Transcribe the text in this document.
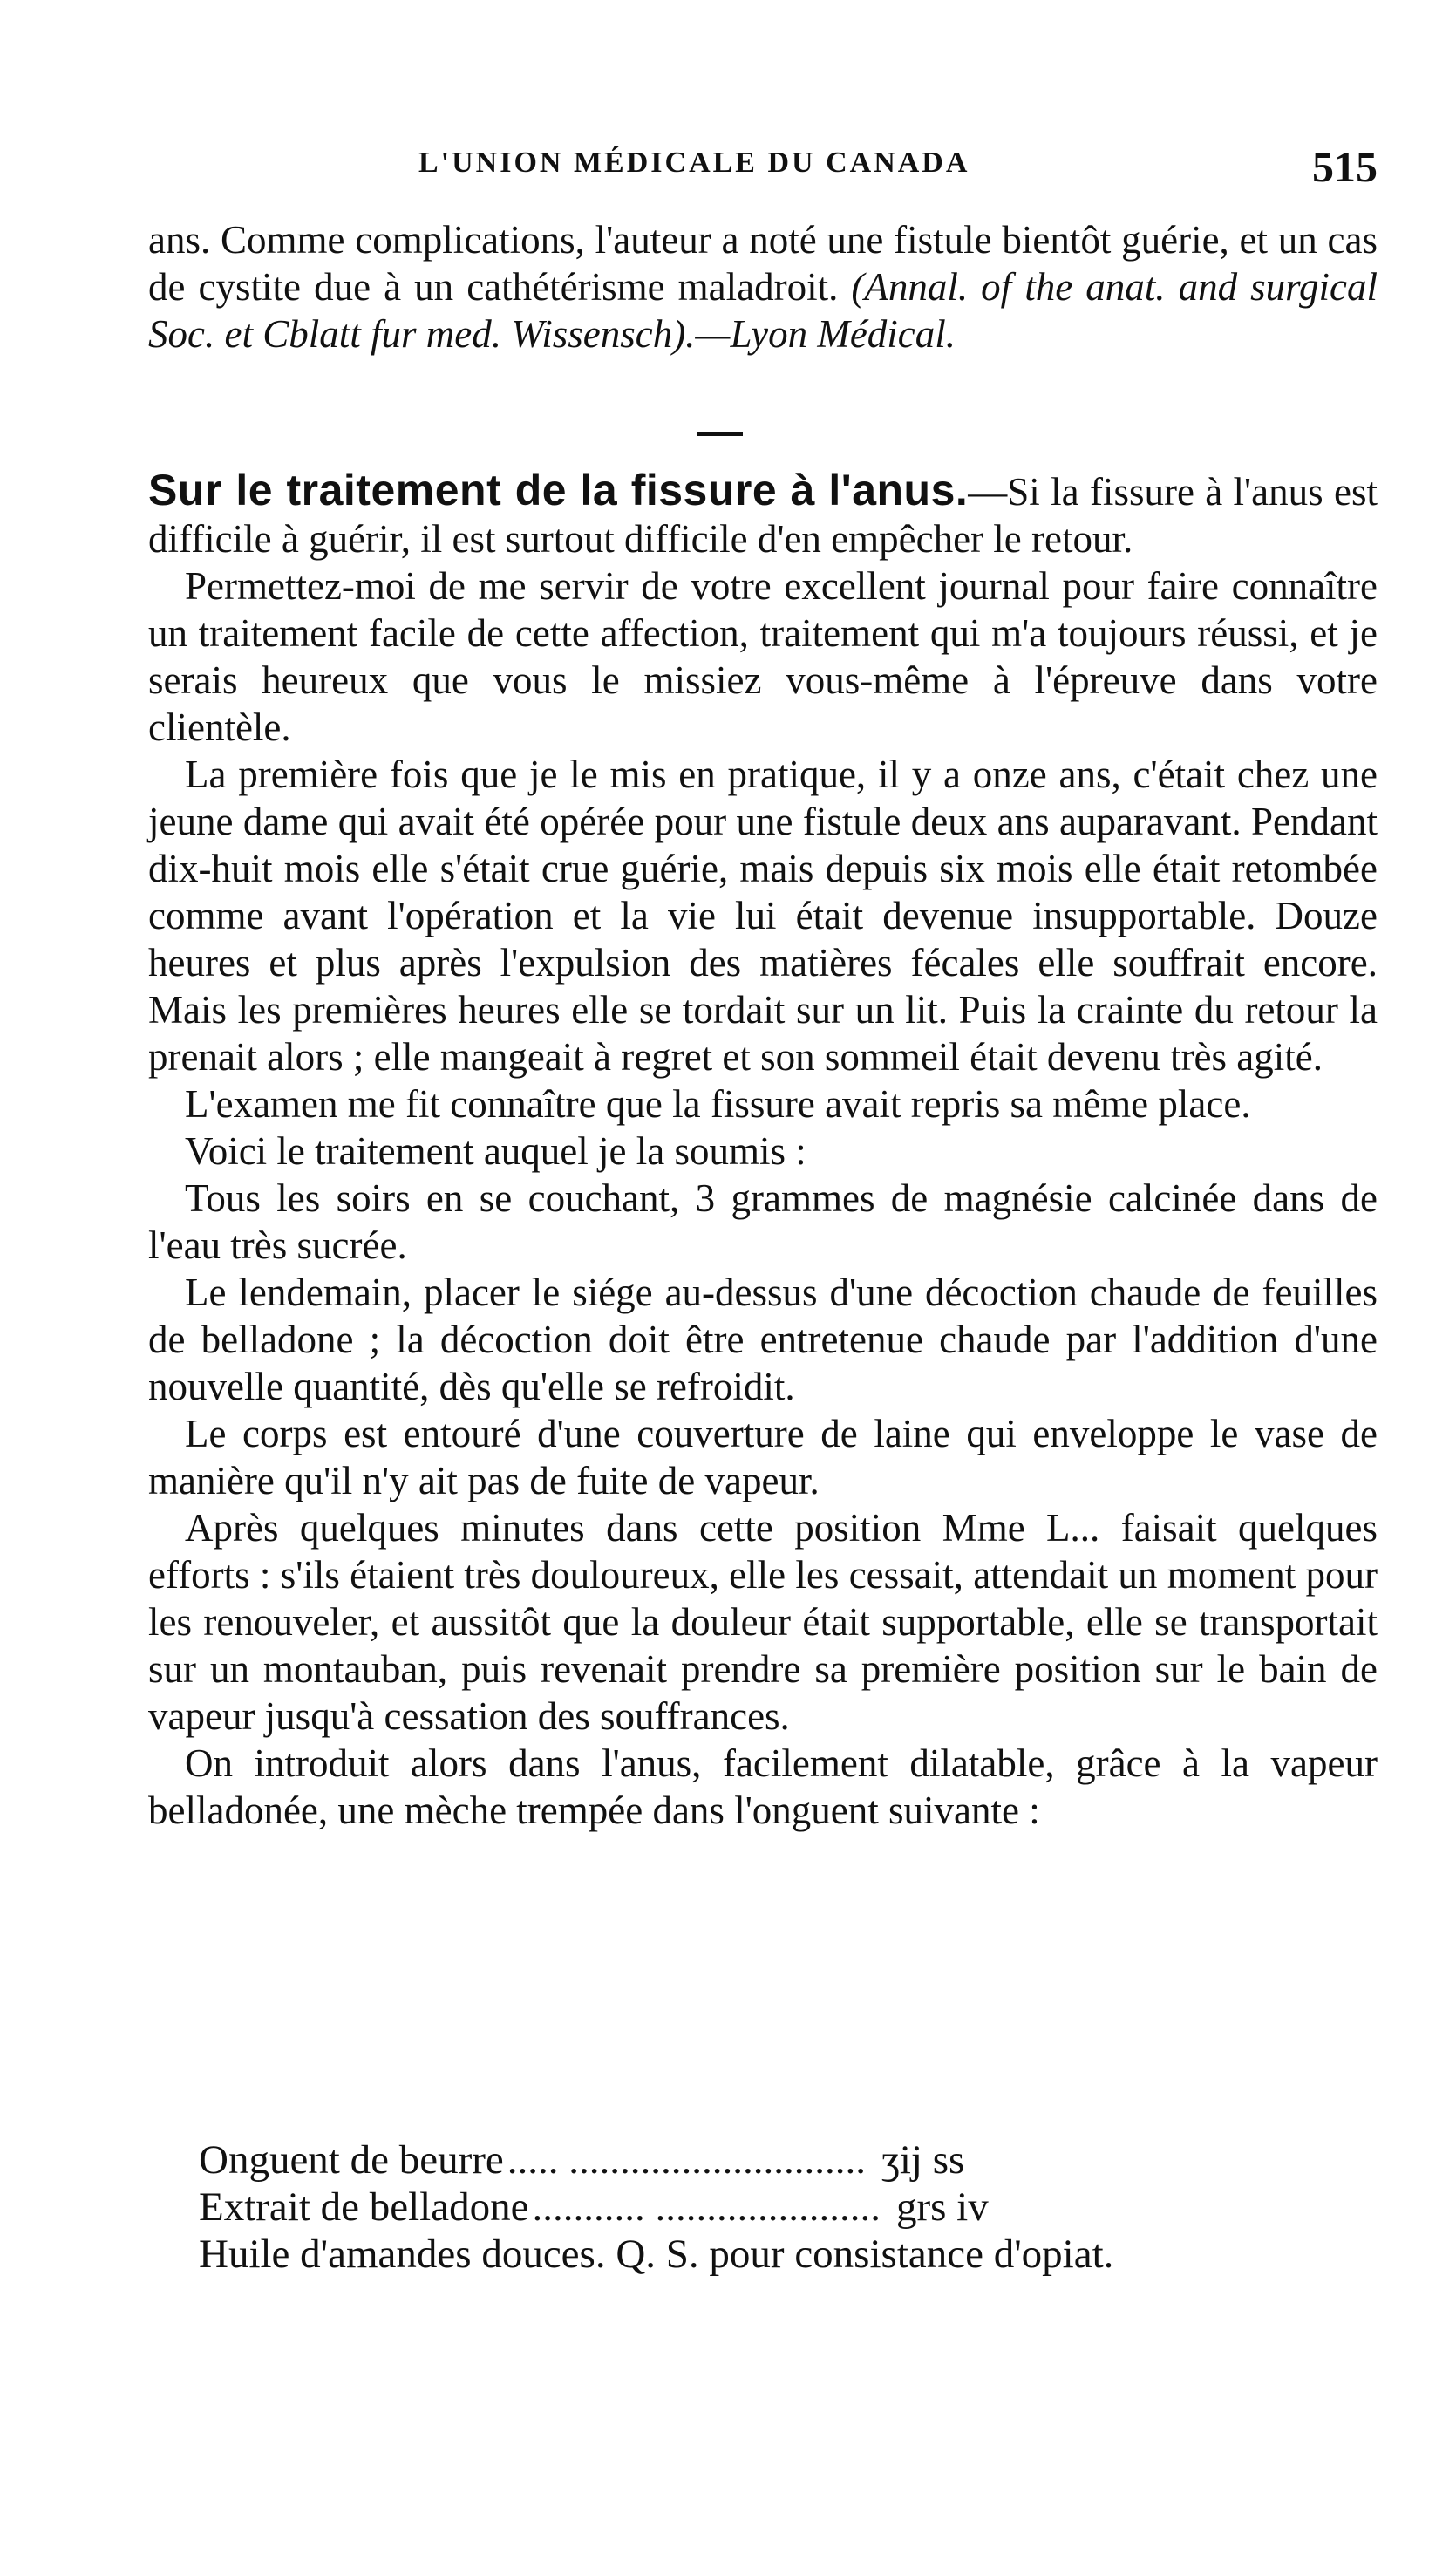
L'UNION MÉDICALE DU CANADA	515

ans. Comme complications, l'auteur a noté une fistule bientôt guérie, et un cas de cystite due à un cathétérisme maladroit. (Annal. of the anat. and surgical Soc. et Cblatt fur med. Wissensch).—Lyon Médical.

Sur le traitement de la fissure à l'anus.—Si la fissure à l'anus est difficile à guérir, il est surtout difficile d'en empêcher le retour.

Permettez-moi de me servir de votre excellent journal pour faire connaître un traitement facile de cette affection, traitement qui m'a toujours réussi, et je serais heureux que vous le missiez vous-même à l'épreuve dans votre clientèle.

La première fois que je le mis en pratique, il y a onze ans, c'était chez une jeune dame qui avait été opérée pour une fistule deux ans auparavant. Pendant dix-huit mois elle s'était crue guérie, mais depuis six mois elle était retombée comme avant l'opération et la vie lui était devenue insupportable. Douze heures et plus après l'expulsion des matières fécales elle souffrait encore. Mais les premières heures elle se tordait sur un lit. Puis la crainte du retour la prenait alors ; elle mangeait à regret et son sommeil était devenu très agité.

L'examen me fit connaître que la fissure avait repris sa même place.

Voici le traitement auquel je la soumis :

Tous les soirs en se couchant, 3 grammes de magnésie calcinée dans de l'eau très sucrée.

Le lendemain, placer le siége au-dessus d'une décoction chaude de feuilles de belladone ; la décoction doit être entretenue chaude par l'addition d'une nouvelle quantité, dès qu'elle se refroidit.

Le corps est entouré d'une couverture de laine qui enveloppe le vase de manière qu'il n'y ait pas de fuite de vapeur.

Après quelques minutes dans cette position Mme L... faisait quelques efforts : s'ils étaient très douloureux, elle les cessait, attendait un moment pour les renouveler, et aussitôt que la douleur était supportable, elle se transportait sur un montauban, puis revenait prendre sa première position sur le bain de vapeur jusqu'à cessation des souffrances.

On introduit alors dans l'anus, facilement dilatable, grâce à la vapeur belladonée, une mèche trempée dans l'onguent suivante :

Onguent de beurre ..... ............................. ʒij ss
Extrait de belladone ........... ...................... grs iv
Huile d'amandes douces. Q. S. pour consistance d'opiat.
